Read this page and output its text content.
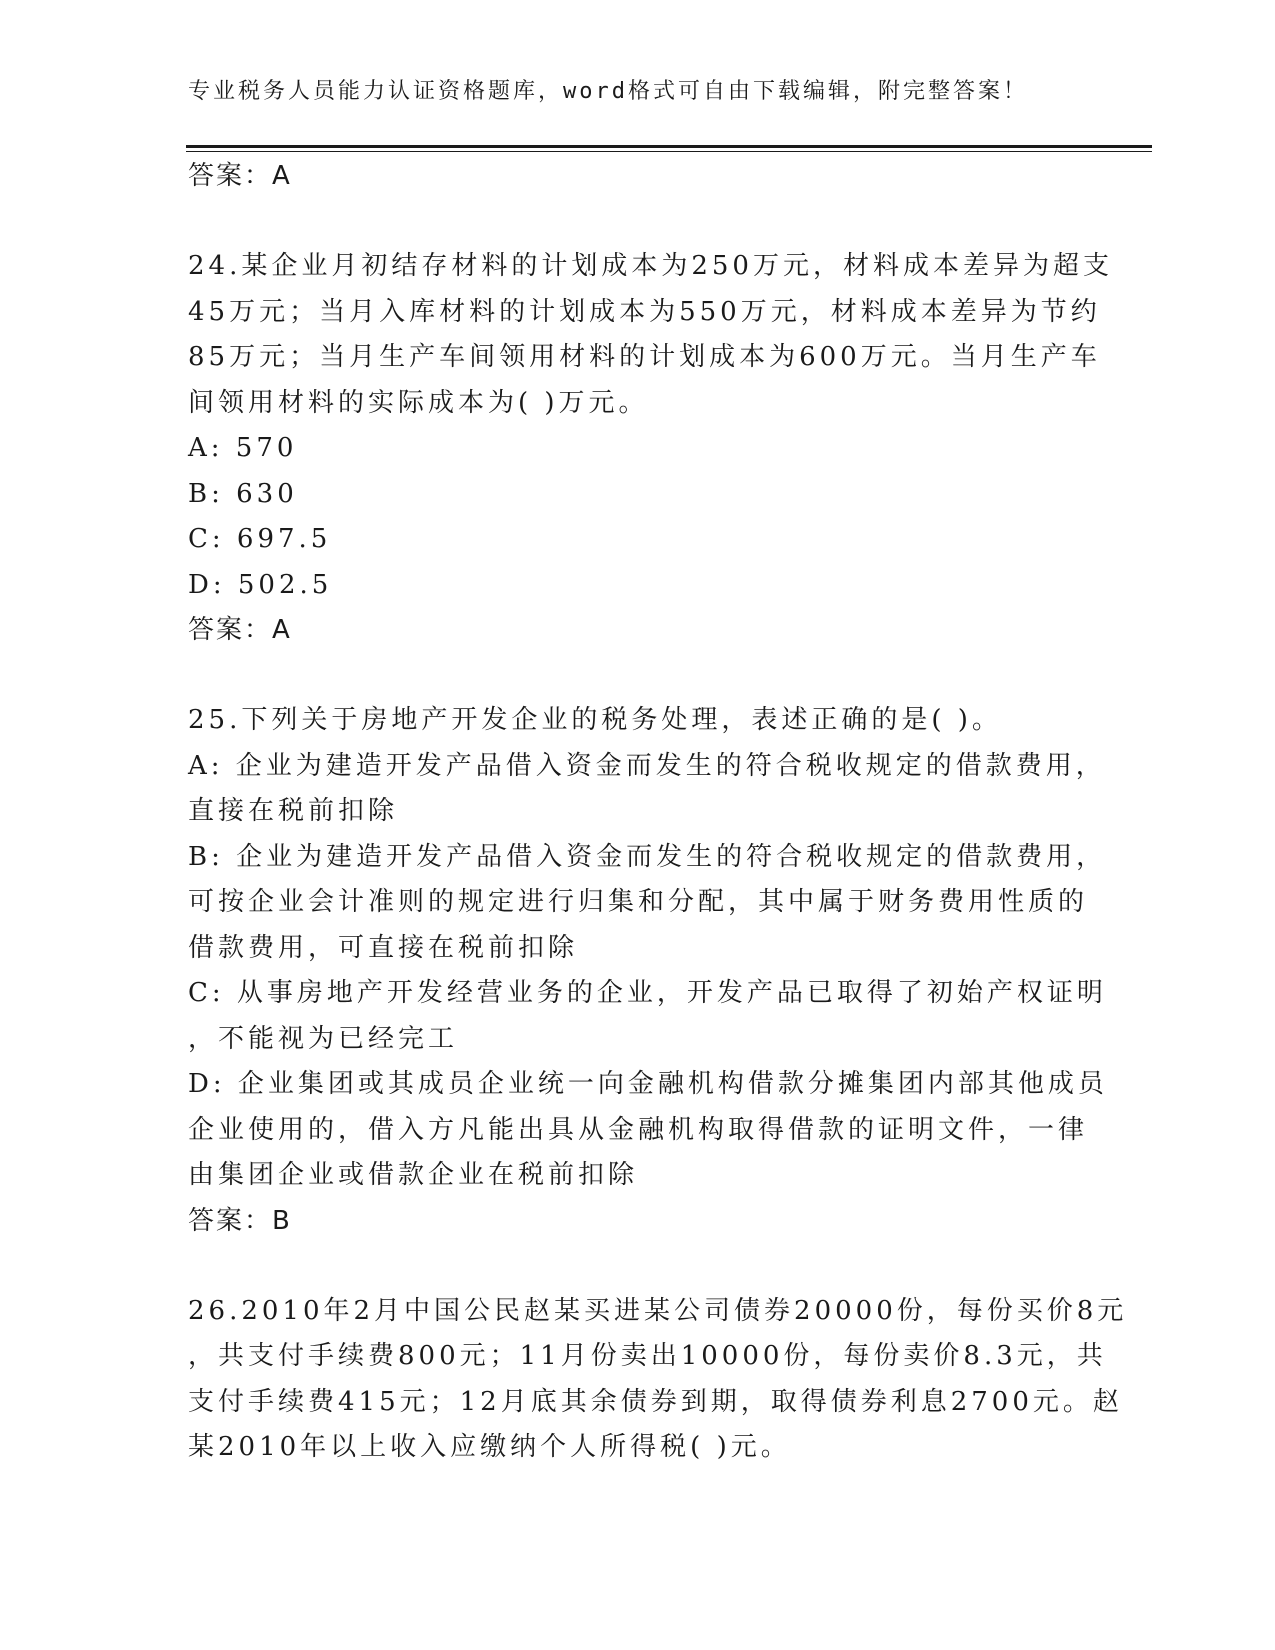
专业税务人员能力认证资格题库，word格式可自由下载编辑，附完整答案！
答案：A
24.某企业月初结存材料的计划成本为250万元，材料成本差异为超支
45万元；当月入库材料的计划成本为550万元，材料成本差异为节约
85万元；当月生产车间领用材料的计划成本为600万元。当月生产车
间领用材料的实际成本为( )万元。
A: 570
B: 630
C: 697.5
D: 502.5
答案：A
25.下列关于房地产开发企业的税务处理，表述正确的是( )。
A: 企业为建造开发产品借入资金而发生的符合税收规定的借款费用，
直接在税前扣除
B: 企业为建造开发产品借入资金而发生的符合税收规定的借款费用，
可按企业会计准则的规定进行归集和分配，其中属于财务费用性质的
借款费用，可直接在税前扣除
C: 从事房地产开发经营业务的企业，开发产品已取得了初始产权证明
，不能视为已经完工
D: 企业集团或其成员企业统一向金融机构借款分摊集团内部其他成员
企业使用的，借入方凡能出具从金融机构取得借款的证明文件，一律
由集团企业或借款企业在税前扣除
答案：B
26.2010年2月中国公民赵某买进某公司债券20000份，每份买价8元
，共支付手续费800元；11月份卖出10000份，每份卖价8.3元，共
支付手续费415元；12月底其余债券到期，取得债券利息2700元。赵
某2010年以上收入应缴纳个人所得税( )元。
